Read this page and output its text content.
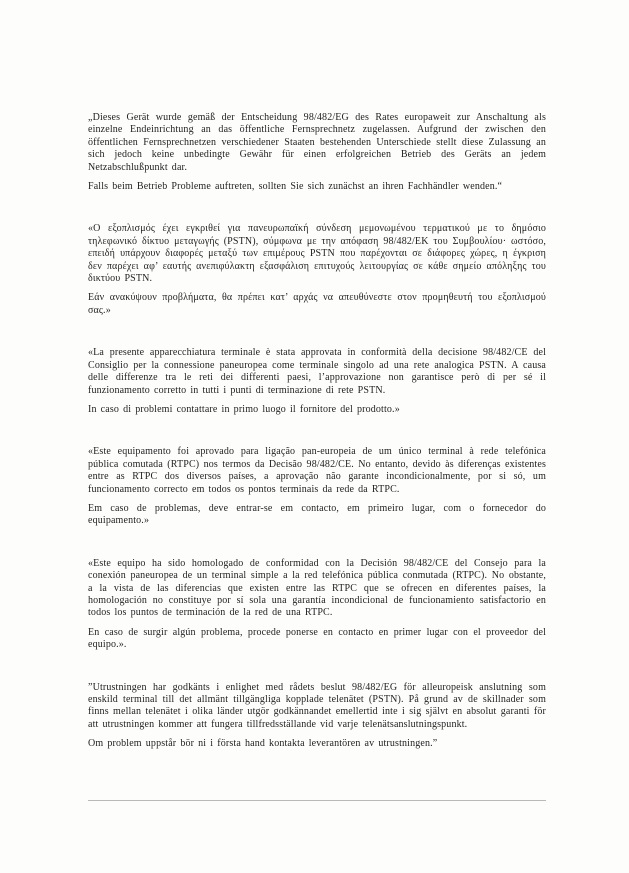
„Dieses Gerät wurde gemäß der Entscheidung 98/482/EG des Rates europaweit zur Anschaltung als einzelne Endeinrichtung an das öffentliche Fernsprechnetz zugelassen. Aufgrund der zwischen den öffentlichen Fernsprechnetzen verschiedener Staaten bestehenden Unterschiede stellt diese Zulassung an sich jedoch keine unbedingte Gewähr für einen erfolgreichen Betrieb des Geräts an jedem Netzabschlußpunkt dar.

Falls beim Betrieb Probleme auftreten, sollten Sie sich zunächst an ihren Fachhändler wenden.“

«Ο εξοπλισμός έχει εγκριθεί για πανευρωπαϊκή σύνδεση μεμονωμένου τερματικού με το δημόσιο τηλεφωνικό δίκτυο μεταγωγής (PSTN), σύμφωνα με την απόφαση 98/482/ΕΚ του Συμβουλίου· ωστόσο, επειδή υπάρχουν διαφορές μεταξύ των επιμέρους PSTN που παρέχονται σε διάφορες χώρες, η έγκριση δεν παρέχει αφ’ εαυτής ανεπιφύλακτη εξασφάλιση επιτυχούς λειτουργίας σε κάθε σημείο απόληξης του δικτύου PSTN.

Εάν ανακύψουν προβλήματα, θα πρέπει κατ’ αρχάς να απευθύνεστε στον προμηθευτή του εξοπλισμού σας.»

«La presente apparecchiatura terminale è stata approvata in conformità della decisione 98/482/CE del Consiglio per la connessione paneuropea come terminale singolo ad una rete analogica PSTN. A causa delle differenze tra le reti dei differenti paesi, l’approvazione non garantisce però di per sé il funzionamento corretto in tutti i punti di terminazione di rete PSTN.

In caso di problemi contattare in primo luogo il fornitore del prodotto.»

«Este equipamento foi aprovado para ligação pan-europeia de um único terminal à rede telefónica pública comutada (RTPC) nos termos da Decisão 98/482/CE. No entanto, devido às diferenças existentes entre as RTPC dos diversos países, a aprovação não garante incondicionalmente, por si só, um funcionamento correcto em todos os pontos terminais da rede da RTPC.

Em caso de problemas, deve entrar-se em contacto, em primeiro lugar, com o fornecedor do equipamento.»

«Este equipo ha sido homologado de conformidad con la Decisión 98/482/CE del Consejo para la conexión paneuropea de un terminal simple a la red telefónica pública conmutada (RTPC). No obstante, a la vista de las diferencias que existen entre las RTPC que se ofrecen en diferentes países, la homologación no constituye por sí sola una garantía incondicional de funcionamiento satisfactorio en todos los puntos de terminación de la red de una RTPC.

En caso de surgir algún problema, procede ponerse en contacto en primer lugar con el proveedor del equipo.».

”Utrustningen har godkänts i enlighet med rådets beslut 98/482/EG för alleuropeisk anslutning som enskild terminal till det allmänt tillgängliga kopplade telenätet (PSTN). På grund av de skillnader som finns mellan telenätet i olika länder utgör godkännandet emellertid inte i sig självt en absolut garanti för att utrustningen kommer att fungera tillfredsställande vid varje telenätsanslutningspunkt.

Om problem uppstår bör ni i första hand kontakta leverantören av utrustningen.”
